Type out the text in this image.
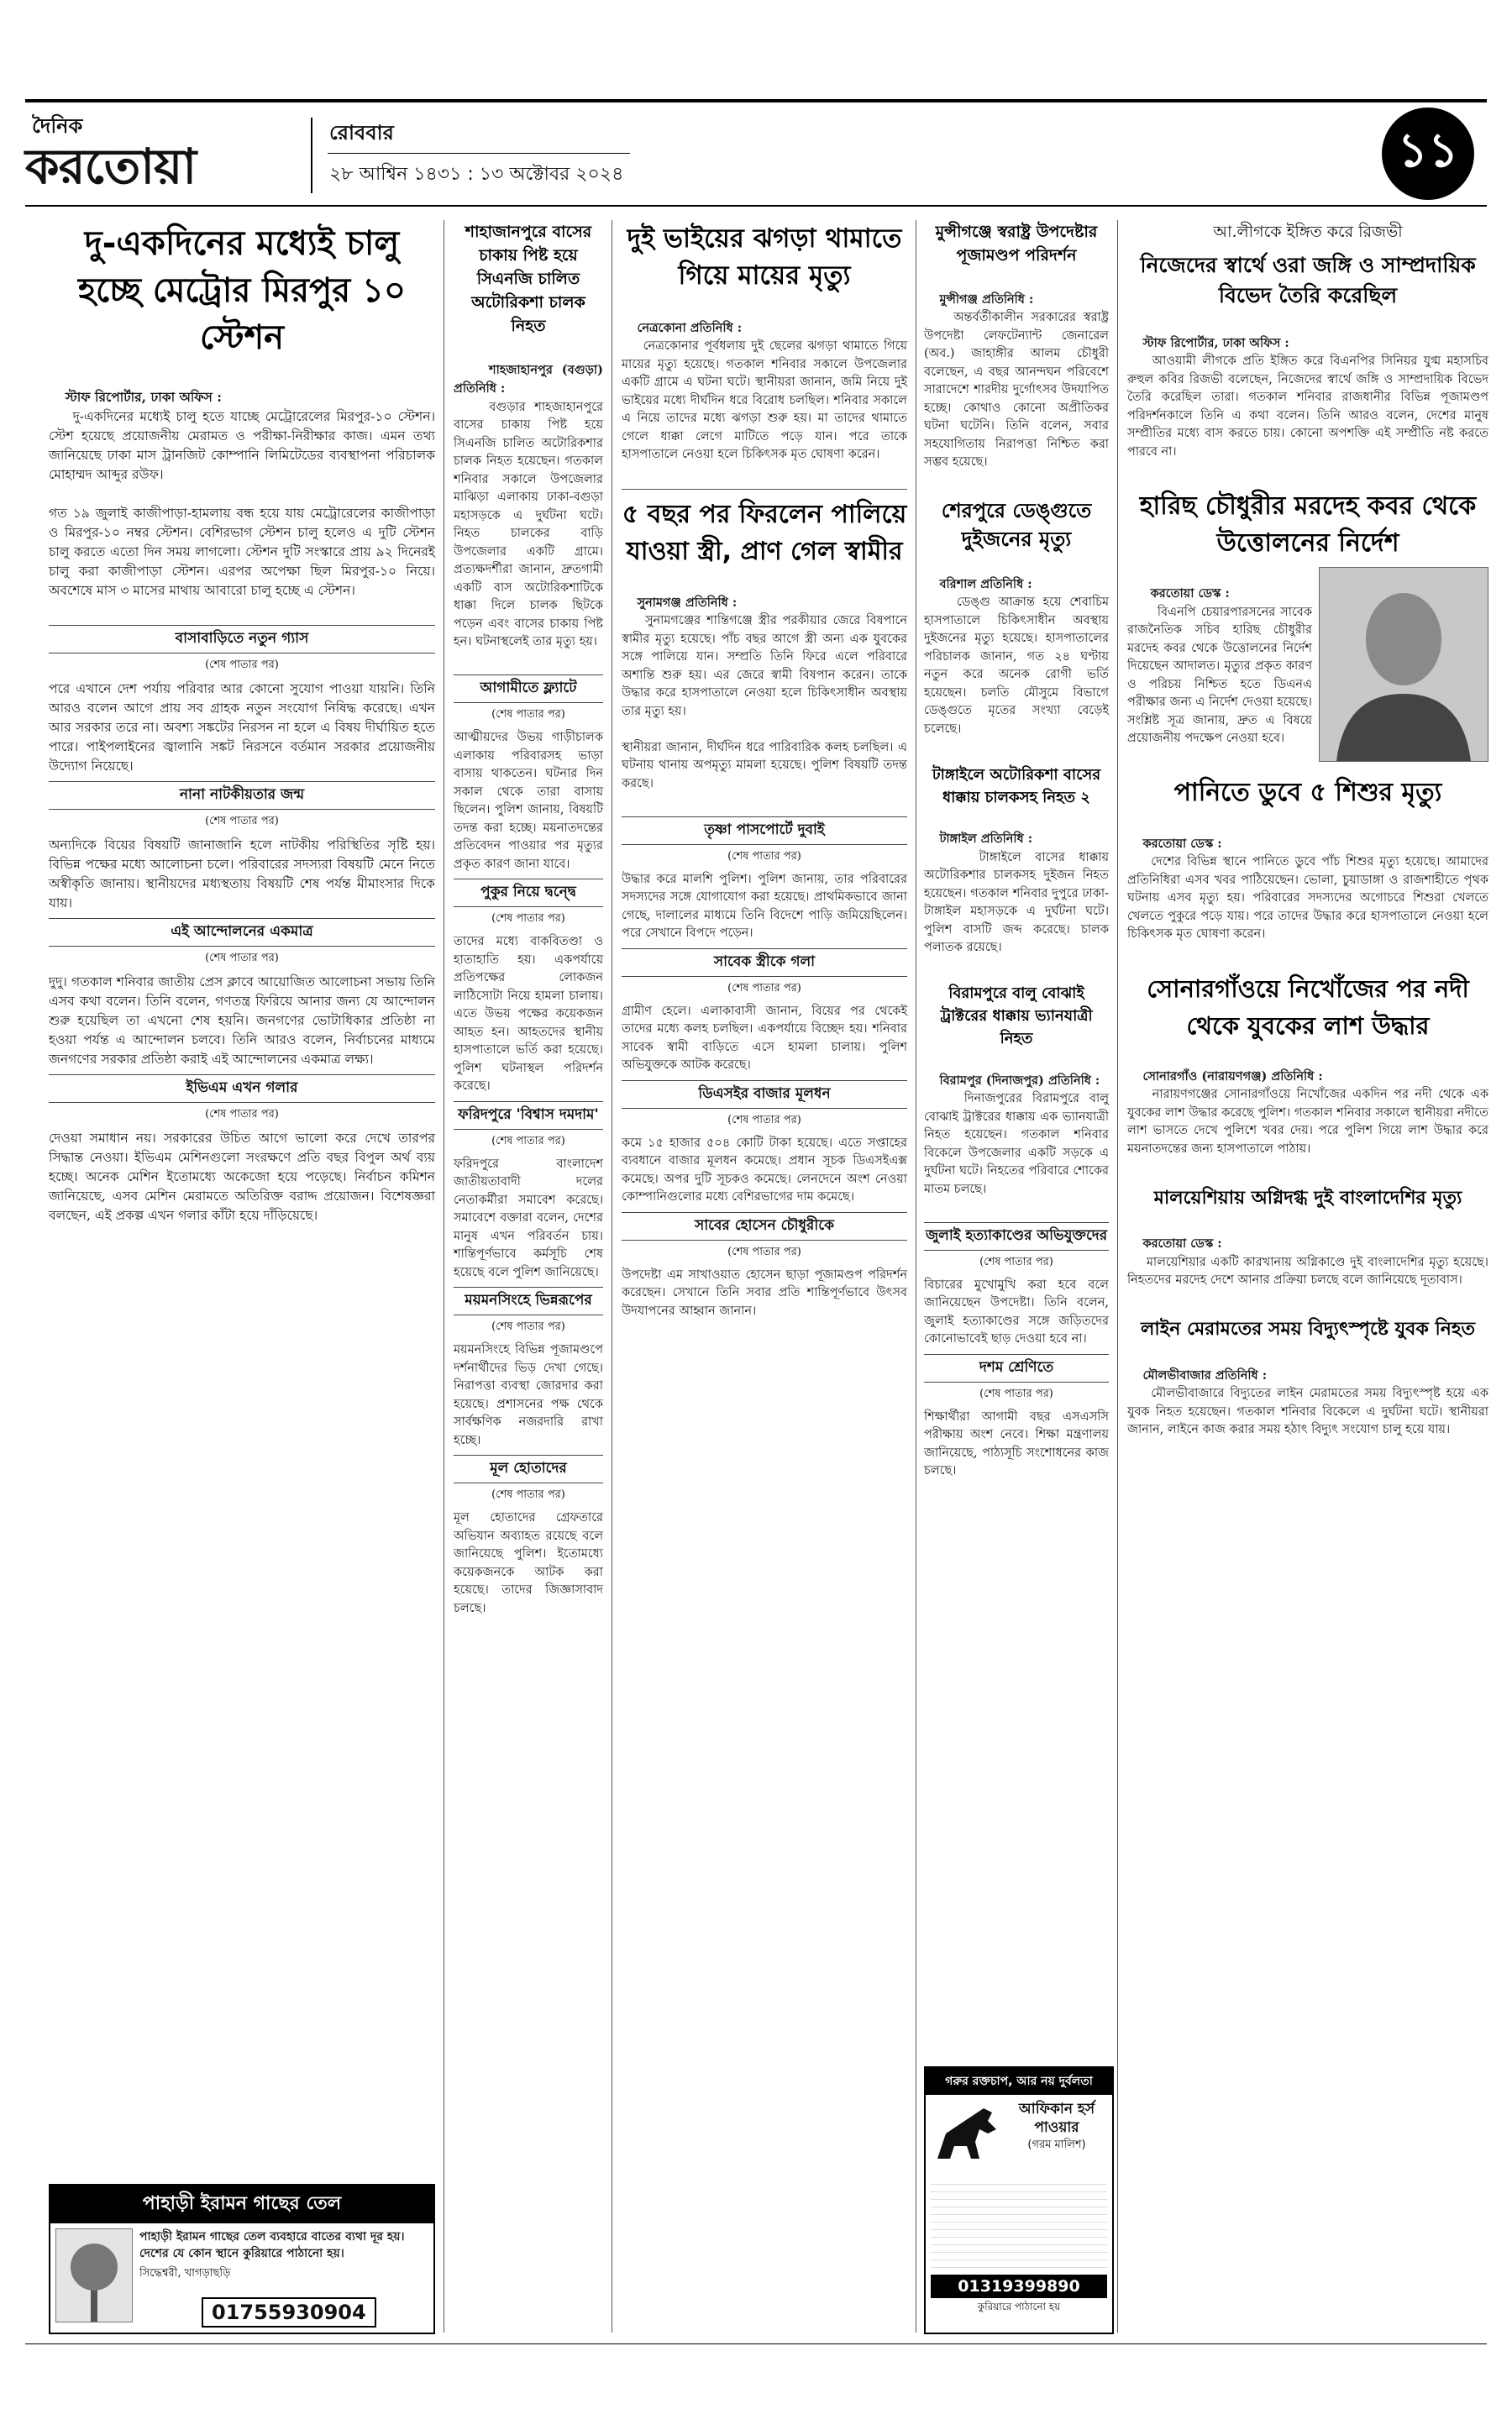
দৈনিক
করতোয়া
রোববার
২৮ আশ্বিন ১৪৩১ : ১৩ অক্টোবর ২০২৪	১১
দু-একদিনের মধ্যেই চালু হচ্ছে মেট্রোর মিরপুর ১০ স্টেশন

স্টাফ রিপোর্টার, ঢাকা অফিস :
দু-একদিনের মধ্যেই চালু হতে যাচ্ছে মেট্রোরেলের মিরপুর-১০ স্টেশন। স্টেশ হয়েছে প্রয়োজনীয় মেরামত ও পরীক্ষা-নিরীক্ষার কাজ। এমন তথ্য জানিয়েছে ঢাকা মাস ট্রানজিট কোম্পানি লিমিটেডের ব্যবস্থাপনা পরিচালক মোহাম্মদ আব্দুর রউফ।

গত ১৯ জুলাই কাজীপাড়া-হামলায় বন্ধ হয়ে যায় মেট্রোরেলের কাজীপাড়া ও মিরপুর-১০ নম্বর স্টেশন। বেশিরভাগ স্টেশন চালু হলেও এ দুটি স্টেশন চালু করতে এতো দিন সময় লাগলো। স্টেশন দুটি সংস্কারে প্রায় ৯২ দিনেরই চালু করা কাজীপাড়া স্টেশন। এরপর অপেক্ষা ছিল মিরপুর-১০ নিয়ে। অবশেষে মাস ৩ মাসের মাথায় আবারো চালু হচ্ছে এ স্টেশন।

বাসাবাড়িতে নতুন গ্যাস
(শেষ পাতার পর)
পরে এখানে দেশ পর্যায় পরিবার আর কোনো সুযোগ পাওয়া যায়নি। তিনি আরও বলেন আগে প্রায় সব গ্রাহক নতুন সংযোগ নিষিদ্ধ করেছে। এখন আর সরকার তরে না। অবশ্য সঙ্কটের নিরসন না হলে এ বিষয় দীর্ঘায়িত হতে পারে। পাইপলাইনের জ্বালানি সঙ্কট নিরসনে বর্তমান সরকার প্রয়োজনীয় উদ্যোগ নিয়েছে।
নানা নাটকীয়তার জন্ম
(শেষ পাতার পর)
অন্যদিকে বিয়ের বিষয়টি জানাজানি হলে নাটকীয় পরিস্থিতির সৃষ্টি হয়। বিভিন্ন পক্ষের মধ্যে আলোচনা চলে। পরিবারের সদস্যরা বিষয়টি মেনে নিতে অস্বীকৃতি জানায়। স্থানীয়দের মধ্যস্থতায় বিষয়টি শেষ পর্যন্ত মীমাংসার দিকে যায়।
এই আন্দোলনের একমাত্র
(শেষ পাতার পর)
দুদু। গতকাল শনিবার জাতীয় প্রেস ক্লাবে আয়োজিত আলোচনা সভায় তিনি এসব কথা বলেন। তিনি বলেন, গণতন্ত্র ফিরিয়ে আনার জন্য যে আন্দোলন শুরু হয়েছিল তা এখনো শেষ হয়নি। জনগণের ভোটাধিকার প্রতিষ্ঠা না হওয়া পর্যন্ত এ আন্দোলন চলবে। তিনি আরও বলেন, নির্বাচনের মাধ্যমে জনগণের সরকার প্রতিষ্ঠা করাই এই আন্দোলনের একমাত্র লক্ষ্য।
ইভিএম এখন গলার
(শেষ পাতার পর)
দেওয়া সমাধান নয়। সরকারের উচিত আগে ভালো করে দেখে তারপর সিদ্ধান্ত নেওয়া। ইভিএম মেশিনগুলো সংরক্ষণে প্রতি বছর বিপুল অর্থ ব্যয় হচ্ছে। অনেক মেশিন ইতোমধ্যে অকেজো হয়ে পড়েছে। নির্বাচন কমিশন জানিয়েছে, এসব মেশিন মেরামতে অতিরিক্ত বরাদ্দ প্রয়োজন। বিশেষজ্ঞরা বলছেন, এই প্রকল্প এখন গলার কাঁটা হয়ে দাঁড়িয়েছে।
পাহাড়ী ইরামন গাছের তেল
পাহাড়ী ইরামন গাছের তেল ব্যবহারে বাতের ব্যথা দূর হয়। দেশের যে কোন স্থানে কুরিয়ারে পাঠানো হয়।
সিদ্ধেশ্বরী, খাগড়াছড়ি
01755930904
শাহাজানপুরে বাসের চাকায় পিষ্ট হয়ে সিএনজি চালিত অটোরিকশা চালক নিহত

শাহজাহানপুর (বগুড়া) প্রতিনিধি :
বগুড়ার শাহজাহানপুরে বাসের চাকায় পিষ্ট হয়ে সিএনজি চালিত অটোরিকশার চালক নিহত হয়েছেন। গতকাল শনিবার সকালে উপজেলার মাঝিড়া এলাকায় ঢাকা-বগুড়া মহাসড়কে এ দুর্ঘটনা ঘটে। নিহত চালকের বাড়ি উপজেলার একটি গ্রামে। প্রত্যক্ষদর্শীরা জানান, দ্রুতগামী একটি বাস অটোরিকশাটিকে ধাক্কা দিলে চালক ছিটকে পড়েন এবং বাসের চাকায় পিষ্ট হন। ঘটনাস্থলেই তার মৃত্যু হয়।

আগামীতে ফ্ল্যাটে
(শেষ পাতার পর)
আত্মীয়দের উভয় গাড়ীচালক এলাকায় পরিবারসহ ভাড়া বাসায় থাকতেন। ঘটনার দিন সকাল থেকে তারা বাসায় ছিলেন। পুলিশ জানায়, বিষয়টি তদন্ত করা হচ্ছে। ময়নাতদন্তের প্রতিবেদন পাওয়ার পর মৃত্যুর প্রকৃত কারণ জানা যাবে।
পুকুর নিয়ে দ্বন্দ্বে
(শেষ পাতার পর)
তাদের মধ্যে বাকবিতণ্ডা ও হাতাহাতি হয়। একপর্যায়ে প্রতিপক্ষের লোকজন লাঠিসোটা নিয়ে হামলা চালায়। এতে উভয় পক্ষের কয়েকজন আহত হন। আহতদের স্থানীয় হাসপাতালে ভর্তি করা হয়েছে। পুলিশ ঘটনাস্থল পরিদর্শন করেছে।
ফরিদপুরে 'বিশ্বাস দমদাম'
(শেষ পাতার পর)
ফরিদপুরে বাংলাদেশ জাতীয়তাবাদী দলের নেতাকর্মীরা সমাবেশ করেছে। সমাবেশে বক্তারা বলেন, দেশের মানুষ এখন পরিবর্তন চায়। শান্তিপূর্ণভাবে কর্মসূচি শেষ হয়েছে বলে পুলিশ জানিয়েছে।
ময়মনসিংহে ভিন্নরূপের
(শেষ পাতার পর)
ময়মনসিংহে বিভিন্ন পূজামণ্ডপে দর্শনার্থীদের ভিড় দেখা গেছে। নিরাপত্তা ব্যবস্থা জোরদার করা হয়েছে। প্রশাসনের পক্ষ থেকে সার্বক্ষণিক নজরদারি রাখা হচ্ছে।
মূল হোতাদের
(শেষ পাতার পর)
মূল হোতাদের গ্রেফতারে অভিযান অব্যাহত রয়েছে বলে জানিয়েছে পুলিশ। ইতোমধ্যে কয়েকজনকে আটক করা হয়েছে। তাদের জিজ্ঞাসাবাদ চলছে।
দুই ভাইয়ের ঝগড়া থামাতে গিয়ে মায়ের মৃত্যু

নেত্রকোনা প্রতিনিধি :
নেত্রকোনার পূর্বধলায় দুই ছেলের ঝগড়া থামাতে গিয়ে মায়ের মৃত্যু হয়েছে। গতকাল শনিবার সকালে উপজেলার একটি গ্রামে এ ঘটনা ঘটে। স্থানীয়রা জানান, জমি নিয়ে দুই ভাইয়ের মধ্যে দীর্ঘদিন ধরে বিরোধ চলছিল। শনিবার সকালে এ নিয়ে তাদের মধ্যে ঝগড়া শুরু হয়। মা তাদের থামাতে গেলে ধাক্কা লেগে মাটিতে পড়ে যান। পরে তাকে হাসপাতালে নেওয়া হলে চিকিৎসক মৃত ঘোষণা করেন।

৫ বছর পর ফিরলেন পালিয়ে যাওয়া স্ত্রী, প্রাণ গেল স্বামীর

সুনামগঞ্জ প্রতিনিধি :
সুনামগঞ্জের শান্তিগঞ্জে স্ত্রীর পরকীয়ার জেরে বিষপানে স্বামীর মৃত্যু হয়েছে। পাঁচ বছর আগে স্ত্রী অন্য এক যুবকের সঙ্গে পালিয়ে যান। সম্প্রতি তিনি ফিরে এলে পরিবারে অশান্তি শুরু হয়। এর জেরে স্বামী বিষপান করেন। তাকে উদ্ধার করে হাসপাতালে নেওয়া হলে চিকিৎসাধীন অবস্থায় তার মৃত্যু হয়।

স্থানীয়রা জানান, দীর্ঘদিন ধরে পারিবারিক কলহ চলছিল। এ ঘটনায় থানায় অপমৃত্যু মামলা হয়েছে। পুলিশ বিষয়টি তদন্ত করছে।

তৃষ্ণা পাসপোর্টে দুবাই
(শেষ পাতার পর)
উদ্ধার করে মালশি পুলিশ। পুলিশ জানায়, তার পরিবারের সদস্যদের সঙ্গে যোগাযোগ করা হয়েছে। প্রাথমিকভাবে জানা গেছে, দালালের মাধ্যমে তিনি বিদেশে পাড়ি জমিয়েছিলেন। পরে সেখানে বিপদে পড়েন।
সাবেক স্ত্রীকে গলা
(শেষ পাতার পর)
গ্রামীণ হেলে। এলাকাবাসী জানান, বিয়ের পর থেকেই তাদের মধ্যে কলহ চলছিল। একপর্যায়ে বিচ্ছেদ হয়। শনিবার সাবেক স্বামী বাড়িতে এসে হামলা চালায়। পুলিশ অভিযুক্তকে আটক করেছে।
ডিএসইর বাজার মূলধন
(শেষ পাতার পর)
কমে ১৫ হাজার ৫০৪ কোটি টাকা হয়েছে। এতে সপ্তাহের ব্যবধানে বাজার মূলধন কমেছে। প্রধান সূচক ডিএসইএক্স কমেছে। অপর দুটি সূচকও কমেছে। লেনদেনে অংশ নেওয়া কোম্পানিগুলোর মধ্যে বেশিরভাগের দাম কমেছে।
সাবের হোসেন চৌধুরীকে
(শেষ পাতার পর)
উপদেষ্টা এম সাখাওয়াত হোসেন ছাড়া পূজামণ্ডপ পরিদর্শন করেছেন। সেখানে তিনি সবার প্রতি শান্তিপূর্ণভাবে উৎসব উদযাপনের আহ্বান জানান।
মুন্সীগঞ্জে স্বরাষ্ট্র উপদেষ্টার পূজামণ্ডপ পরিদর্শন

মুন্সীগঞ্জ প্রতিনিধি :
অন্তর্বর্তীকালীন সরকারের স্বরাষ্ট্র উপদেষ্টা লেফটেন্যান্ট জেনারেল (অব.) জাহাঙ্গীর আলম চৌধুরী বলেছেন, এ বছর আনন্দঘন পরিবেশে সারাদেশে শারদীয় দুর্গোৎসব উদযাপিত হচ্ছে। কোথাও কোনো অপ্রীতিকর ঘটনা ঘটেনি। তিনি বলেন, সবার সহযোগিতায় নিরাপত্তা নিশ্চিত করা সম্ভব হয়েছে।

শেরপুরে ডেঙ্গুতে দুইজনের মৃত্যু

বরিশাল প্রতিনিধি :
ডেঙ্গু আক্রান্ত হয়ে শেবাচিম হাসপাতালে চিকিৎসাধীন অবস্থায় দুইজনের মৃত্যু হয়েছে। হাসপাতালের পরিচালক জানান, গত ২৪ ঘণ্টায় নতুন করে অনেক রোগী ভর্তি হয়েছেন। চলতি মৌসুমে বিভাগে ডেঙ্গুতে মৃতের সংখ্যা বেড়েই চলেছে।

টাঙ্গাইলে অটোরিকশা বাসের ধাক্কায় চালকসহ নিহত ২

টাঙ্গাইল প্রতিনিধি :
টাঙ্গাইলে বাসের ধাক্কায় অটোরিকশার চালকসহ দুইজন নিহত হয়েছেন। গতকাল শনিবার দুপুরে ঢাকা-টাঙ্গাইল মহাসড়কে এ দুর্ঘটনা ঘটে। পুলিশ বাসটি জব্দ করেছে। চালক পলাতক রয়েছে।

বিরামপুরে বালু বোঝাই ট্রাক্টরের ধাক্কায় ভ্যানযাত্রী নিহত

বিরামপুর (দিনাজপুর) প্রতিনিধি :
দিনাজপুরের বিরামপুরে বালু বোঝাই ট্রাক্টরের ধাক্কায় এক ভ্যানযাত্রী নিহত হয়েছেন। গতকাল শনিবার বিকেলে উপজেলার একটি সড়কে এ দুর্ঘটনা ঘটে। নিহতের পরিবারে শোকের মাতম চলছে।

জুলাই হত্যাকাণ্ডের অভিযুক্তদের
(শেষ পাতার পর)
বিচারের মুখোমুখি করা হবে বলে জানিয়েছেন উপদেষ্টা। তিনি বলেন, জুলাই হত্যাকাণ্ডের সঙ্গে জড়িতদের কোনোভাবেই ছাড় দেওয়া হবে না।
দশম শ্রেণিতে
(শেষ পাতার পর)
শিক্ষার্থীরা আগামী বছর এসএসসি পরীক্ষায় অংশ নেবে। শিক্ষা মন্ত্রণালয় জানিয়েছে, পাঠ্যসূচি সংশোধনের কাজ চলছে।
গরুর রক্তচাপ, আর নয় দুর্বলতা
আফিকান হর্স পাওয়ার
(গরম মালিশ)
01319399890
কুরিয়ারে পাঠানো হয়
আ.লীগকে ইঙ্গিত করে রিজভী
নিজেদের স্বার্থে ওরা জঙ্গি ও সাম্প্রদায়িক বিভেদ তৈরি করেছিল

স্টাফ রিপোর্টার, ঢাকা অফিস :
আওয়ামী লীগকে প্রতি ইঙ্গিত করে বিএনপির সিনিয়র যুগ্ম মহাসচিব রুহুল কবির রিজভী বলেছেন, নিজেদের স্বার্থে জঙ্গি ও সাম্প্রদায়িক বিভেদ তৈরি করেছিল তারা। গতকাল শনিবার রাজধানীর বিভিন্ন পূজামণ্ডপ পরিদর্শনকালে তিনি এ কথা বলেন। তিনি আরও বলেন, দেশের মানুষ সম্প্রীতির মধ্যে বাস করতে চায়। কোনো অপশক্তি এই সম্প্রীতি নষ্ট করতে পারবে না।

হারিছ চৌধুরীর মরদেহ কবর থেকে উত্তোলনের নির্দেশ

করতোয়া ডেস্ক :
বিএনপি চেয়ারপারসনের সাবেক রাজনৈতিক সচিব হারিছ চৌধুরীর মরদেহ কবর থেকে উত্তোলনের নির্দেশ দিয়েছেন আদালত। মৃত্যুর প্রকৃত কারণ ও পরিচয় নিশ্চিত হতে ডিএনএ পরীক্ষার জন্য এ নির্দেশ দেওয়া হয়েছে। সংশ্লিষ্ট সূত্র জানায়, দ্রুত এ বিষয়ে প্রয়োজনীয় পদক্ষেপ নেওয়া হবে।

পানিতে ডুবে ৫ শিশুর মৃত্যু

করতোয়া ডেস্ক :
দেশের বিভিন্ন স্থানে পানিতে ডুবে পাঁচ শিশুর মৃত্যু হয়েছে। আমাদের প্রতিনিধিরা এসব খবর পাঠিয়েছেন। ভোলা, চুয়াডাঙ্গা ও রাজশাহীতে পৃথক ঘটনায় এসব মৃত্যু হয়। পরিবারের সদস্যদের অগোচরে শিশুরা খেলতে খেলতে পুকুরে পড়ে যায়। পরে তাদের উদ্ধার করে হাসপাতালে নেওয়া হলে চিকিৎসক মৃত ঘোষণা করেন।

সোনারগাঁওয়ে নিখোঁজের পর নদী থেকে যুবকের লাশ উদ্ধার

সোনারগাঁও (নারায়ণগঞ্জ) প্রতিনিধি :
নারায়ণগঞ্জের সোনারগাঁওয়ে নিখোঁজের একদিন পর নদী থেকে এক যুবকের লাশ উদ্ধার করেছে পুলিশ। গতকাল শনিবার সকালে স্থানীয়রা নদীতে লাশ ভাসতে দেখে পুলিশে খবর দেয়। পরে পুলিশ গিয়ে লাশ উদ্ধার করে ময়নাতদন্তের জন্য হাসপাতালে পাঠায়।

মালয়েশিয়ায় অগ্নিদগ্ধ দুই বাংলাদেশির মৃত্যু

করতোয়া ডেস্ক :
মালয়েশিয়ার একটি কারখানায় অগ্নিকাণ্ডে দুই বাংলাদেশির মৃত্যু হয়েছে। নিহতদের মরদেহ দেশে আনার প্রক্রিয়া চলছে বলে জানিয়েছে দূতাবাস।

লাইন মেরামতের সময় বিদ্যুৎস্পৃষ্টে যুবক নিহত

মৌলভীবাজার প্রতিনিধি :
মৌলভীবাজারে বিদ্যুতের লাইন মেরামতের সময় বিদ্যুৎস্পৃষ্ট হয়ে এক যুবক নিহত হয়েছেন। গতকাল শনিবার বিকেলে এ দুর্ঘটনা ঘটে। স্থানীয়রা জানান, লাইনে কাজ করার সময় হঠাৎ বিদ্যুৎ সংযোগ চালু হয়ে যায়।
